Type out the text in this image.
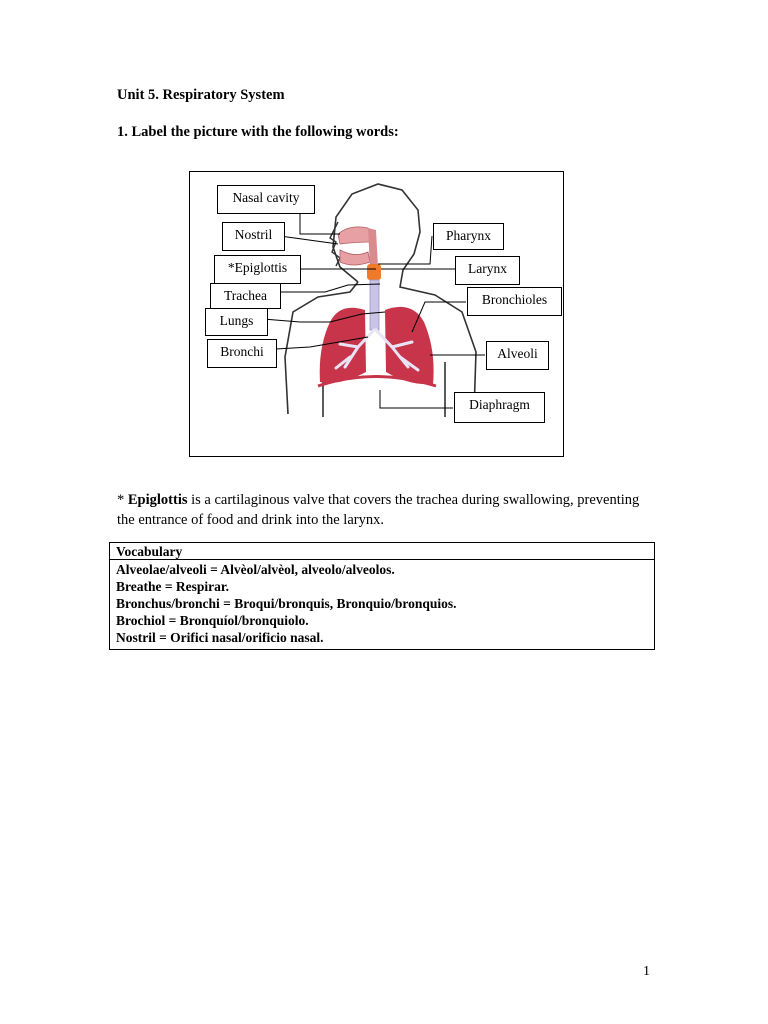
Unit 5. Respiratory System

1. Label the picture with the following words:

Nasal cavity
Nostril
*Epiglottis
Trachea
Lungs
Bronchi
Pharynx
Larynx
Bronchioles
Alveoli
Diaphragm

* Epiglottis is a cartilaginous valve that covers the trachea during swallowing, preventing the entrance of food and drink into the larynx.

Vocabulary
Alveolae/alveoli = Alvèol/alvèol, alveolo/alveolos.
Breathe = Respirar.
Bronchus/bronchi = Broqui/bronquis, Bronquio/bronquios.
Brochiol = Bronquíol/bronquiolo.
Nostril = Orifici nasal/orificio nasal.
1
